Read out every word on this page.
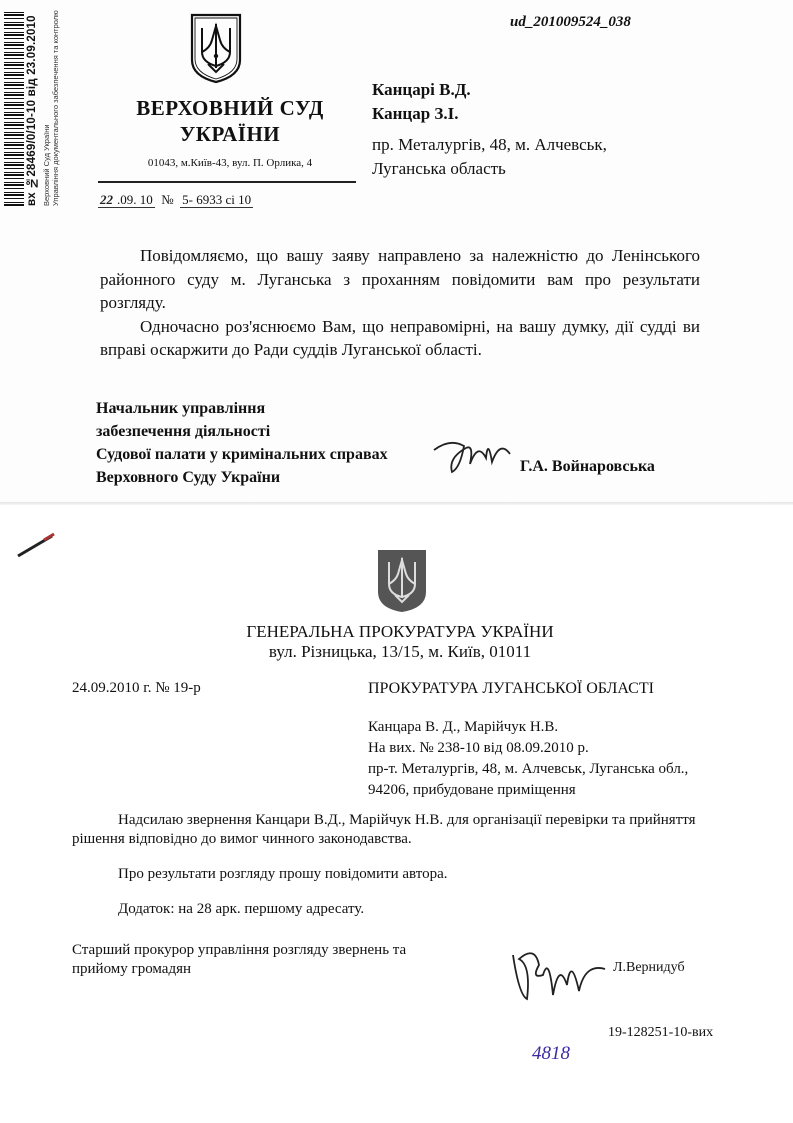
вх №28469/0/10-10 від 23.09.2010 Верховний Суд України
Управління документального забезпечення та контролю	ud_201009524_038
ВЕРХОВНИЙ СУД
УКРАЇНИ
01043, м.Київ-43, вул. П. Орлика, 4
22 .09. 10 № 5- 6933 сі 10
Канцарі В.Д.
Канцар З.І.
пр. Металургів, 48, м. Алчевськ,
Луганська область

Повідомляємо, що вашу заяву направлено за належністю до Ленінського районного суду м. Луганська з проханням повідомити вам про результати розгляду.

Одночасно роз'яснюємо Вам, що неправомірні, на вашу думку, дії судді ви вправі оскаржити до Ради суддів Луганської області.

Начальник управління
забезпечення діяльності
Судової палати у кримінальних справах
Верховного Суду України
Г.А. Войнаровська
ГЕНЕРАЛЬНА ПРОКУРАТУРА УКРАЇНИ
вул. Різницька, 13/15, м. Київ, 01011
24.09.2010 г. № 19-р	ПРОКУРАТУРА ЛУГАНСЬКОЇ ОБЛАСТІ
Канцара В. Д., Марійчук Н.В.
На вих. № 238-10 від 08.09.2010 р.
пр-т. Металургів, 48, м. Алчевськ, Луганська обл.,
94206, прибудоване приміщення

Надсилаю звернення Канцари В.Д., Марійчук Н.В. для організації перевірки та прийняття рішення відповідно до вимог чинного законодавства.

Про результати розгляду прошу повідомити автора.

Додаток: на 28 арк. першому адресату.

Старший прокурор управління розгляду звернень та
прийому громадян	Л.Вернидуб
19-128251-10-вих
4818
